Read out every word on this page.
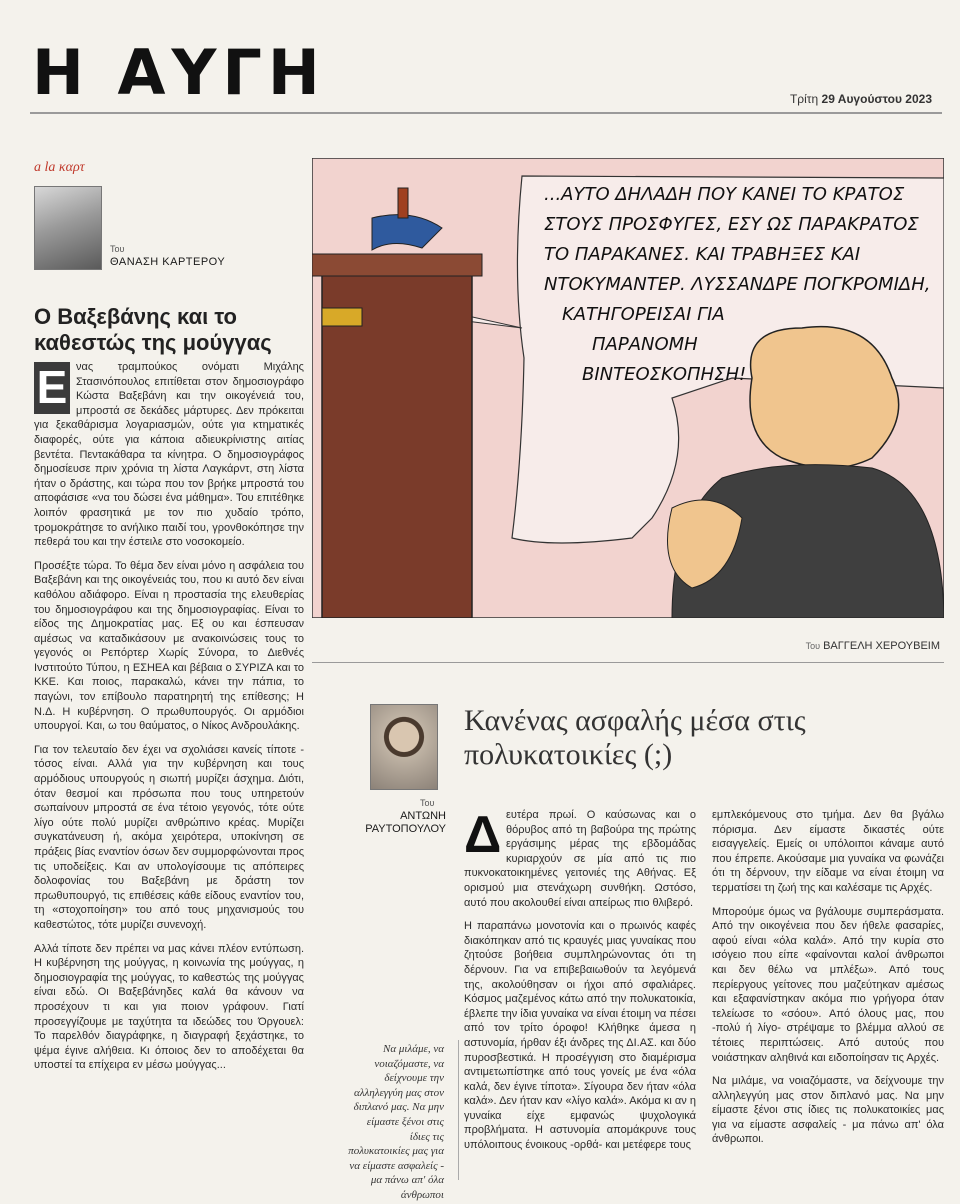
Η ΑΥΓΗ	Τρίτη 29 Αυγούστου 2023
a la καρτ
Του
ΘΑΝΑΣΗ ΚΑΡΤΕΡΟΥ
Ο Βαξεβάνης και το καθεστώς της μούγγας

Ε νας τραμπούκος ονόματι Μιχάλης Στασινόπουλος επιτίθεται στον δημοσιογράφο Κώστα Βαξεβάνη και την οικογένειά του, μπροστά σε δεκάδες μάρτυρες. Δεν πρόκειται για ξεκαθάρισμα λογαριασμών, ούτε για κτηματικές διαφορές, ούτε για κάποια αδιευκρίνιστης αιτίας βεντέτα. Πεντακάθαρα τα κίνητρα. Ο δημοσιογράφος δημοσίευσε πριν χρόνια τη λίστα Λαγκάρντ, στη λίστα ήταν ο δράστης, και τώρα που τον βρήκε μπροστά του αποφάσισε «να του δώσει ένα μάθημα». Του επιτέθηκε λοιπόν φρασητικά με τον πιο χυδαίο τρόπο, τρομοκράτησε το ανήλικο παιδί του, γρονθοκόπησε την πεθερά του και την έστειλε στο νοσοκομείο.

Προσέξτε τώρα. Το θέμα δεν είναι μόνο η ασφάλεια του Βαξεβάνη και της οικογένειάς του, που κι αυτό δεν είναι καθόλου αδιάφορο. Είναι η προστασία της ελευθερίας του δημοσιογράφου και της δημοσιογραφίας. Είναι το είδος της Δημοκρατίας μας. Εξ ου και έσπευσαν αμέσως να καταδικάσουν με ανακοινώσεις τους το γεγονός οι Ρεπόρτερ Χωρίς Σύνορα, το Διεθνές Ινστιτούτο Τύπου, η ΕΣΗΕΑ και βέβαια ο ΣΥΡΙΖΑ και το ΚΚΕ. Και ποιος, παρακαλώ, κάνει την πάπια, το παγώνι, τον επίβουλο παρατηρητή της επίθεσης; Η Ν.Δ. Η κυβέρνηση. Ο πρωθυπουργός. Οι αρμόδιοι υπουργοί. Και, ω του θαύματος, ο Νίκος Ανδρουλάκης.

Για τον τελευταίο δεν έχει να σχολιάσει κανείς τίποτε - τόσος είναι. Αλλά για την κυβέρνηση και τους αρμόδιους υπουργούς η σιωπή μυρίζει άσχημα. Διότι, όταν θεσμοί και πρόσωπα που τους υπηρετούν σωπαίνουν μπροστά σε ένα τέτοιο γεγονός, τότε ούτε λίγο ούτε πολύ μυρίζει ανθρώπινο κρέας. Μυρίζει συγκατάνευση ή, ακόμα χειρότερα, υποκίνηση σε πράξεις βίας εναντίον όσων δεν συμμορφώνονται προς τις υποδείξεις. Και αν υπολογίσουμε τις απόπειρες δολοφονίας του Βαξεβάνη με δράστη τον πρωθυπουργό, τις επιθέσεις κάθε είδους εναντίον του, τη «στοχοποίηση» του από τους μηχανισμούς του καθεστώτος, τότε μυρίζει συνενοχή.

Αλλά τίποτε δεν πρέπει να μας κάνει πλέον εντύπωση. Η κυβέρνηση της μούγγας, η κοινωνία της μούγγας, η δημοσιογραφία της μούγγας, το καθεστώς της μούγγας είναι εδώ. Οι Βαξεβάνηδες καλά θα κάνουν να προσέχουν τι και για ποιον γράφουν. Γιατί προσεγγίζουμε με ταχύτητα τα ιδεώδες του Όργουελ: Το παρελθόν διαγράφηκε, η διαγραφή ξεχάστηκε, το ψέμα έγινε αλήθεια. Κι όποιος δεν το αποδέχεται θα υποστεί τα επίχειρα εν μέσω μούγγας...

...ΑΥΤΟ ΔΗΛΑΔΗ ΠΟΥ ΚΑΝΕΙ ΤΟ ΚΡΑΤΟΣ
ΣΤΟΥΣ ΠΡΟΣΦΥΓΕΣ, ΕΣΥ ΩΣ ΠΑΡΑΚΡΑΤΟΣ
ΤΟ ΠΑΡΑΚΑΝΕΣ. ΚΑΙ ΤΡΑΒΗΞΕΣ ΚΑΙ
ΝΤΟΚΥΜΑΝΤΕΡ. ΛΥΣΣΑΝΔΡΕ ΠΟΓΚΡΟΜΙΔΗ,
ΚΑΤΗΓΟΡΕΙΣΑΙ ΓΙΑ
ΠΑΡΑΝΟΜΗ
ΒΙΝΤΕΟΣΚΟΠΗΣΗ!
Του ΒΑΓΓΕΛΗ ΧΕΡΟΥΒΕΙΜ
Του
ΑΝΤΩΝΗ ΡΑΥΤΟΠΟΥΛΟΥ
Κανένας ασφαλής μέσα στις πολυκατοικίες (;)

Δευτέρα πρωί. Ο καύσωνας και ο θόρυβος από τη βαβούρα της πρώτης εργάσιμης μέρας της εβδομάδας κυριαρχούν σε μία από τις πιο πυκνοκατοικημένες γειτονιές της Αθήνας. Εξ ορισμού μια στενάχωρη συνθήκη. Ωστόσο, αυτό που ακολουθεί είναι απείρως πιο θλιβερό.

Η παραπάνω μονοτονία και ο πρωινός καφές διακόπηκαν από τις κραυγές μιας γυναίκας που ζητούσε βοήθεια συμπληρώνοντας ότι τη δέρνουν. Για να επιβεβαιωθούν τα λεγόμενά της, ακολούθησαν οι ήχοι από σφαλιάρες. Κόσμος μαζεμένος κάτω από την πολυκατοικία, έβλεπε την ίδια γυναίκα να είναι έτοιμη να πέσει από τον τρίτο όροφο! Κλήθηκε άμεσα η αστυνομία, ήρθαν έξι άνδρες της ΔΙ.ΑΣ. και δύο πυροσβεστικά. Η προσέγγιση στο διαμέρισμα αντιμετωπίστηκε από τους γονείς με ένα «όλα καλά, δεν έγινε τίποτα». Σίγουρα δεν ήταν «όλα καλά». Δεν ήταν καν «λίγο καλά». Ακόμα κι αν η γυναίκα είχε εμφανώς ψυχολογικά προβλήματα. Η αστυνομία απομάκρυνε τους υπόλοιπους ένοικους -ορθά- και μετέφερε τους

εμπλεκόμενους στο τμήμα. Δεν θα βγάλω πόρισμα. Δεν είμαστε δικαστές ούτε εισαγγελείς. Εμείς οι υπόλοιποι κάναμε αυτό που έπρεπε. Ακούσαμε μια γυναίκα να φωνάζει ότι τη δέρνουν, την είδαμε να είναι έτοιμη να τερματίσει τη ζωή της και καλέσαμε τις Αρχές.

Μπορούμε όμως να βγάλουμε συμπεράσματα. Από την οικογένεια που δεν ήθελε φασαρίες, αφού είναι «όλα καλά». Από την κυρία στο ισόγειο που είπε «φαίνονται καλοί άνθρωποι και δεν θέλω να μπλέξω». Από τους περίεργους γείτονες που μαζεύτηκαν αμέσως και εξαφανίστηκαν ακόμα πιο γρήγορα όταν τελείωσε το «σόου». Από όλους μας, που -πολύ ή λίγο- στρέψαμε το βλέμμα αλλού σε τέτοιες περιπτώσεις. Από αυτούς που νοιάστηκαν αληθινά και ειδοποίησαν τις Αρχές.

Να μιλάμε, να νοιαζόμαστε, να δείχνουμε την αλληλεγγύη μας στον διπλανό μας. Να μην είμαστε ξένοι στις ίδιες τις πολυκατοικίες μας για να είμαστε ασφαλείς - μα πάνω απ' όλα άνθρωποι.

Να μιλάμε, να νοιαζόμαστε, να δείχνουμε την αλληλεγγύη μας στον διπλανό μας. Να μην είμαστε ξένοι στις ίδιες τις πολυκατοικίες μας για να είμαστε ασφαλείς - μα πάνω απ' όλα άνθρωποι
